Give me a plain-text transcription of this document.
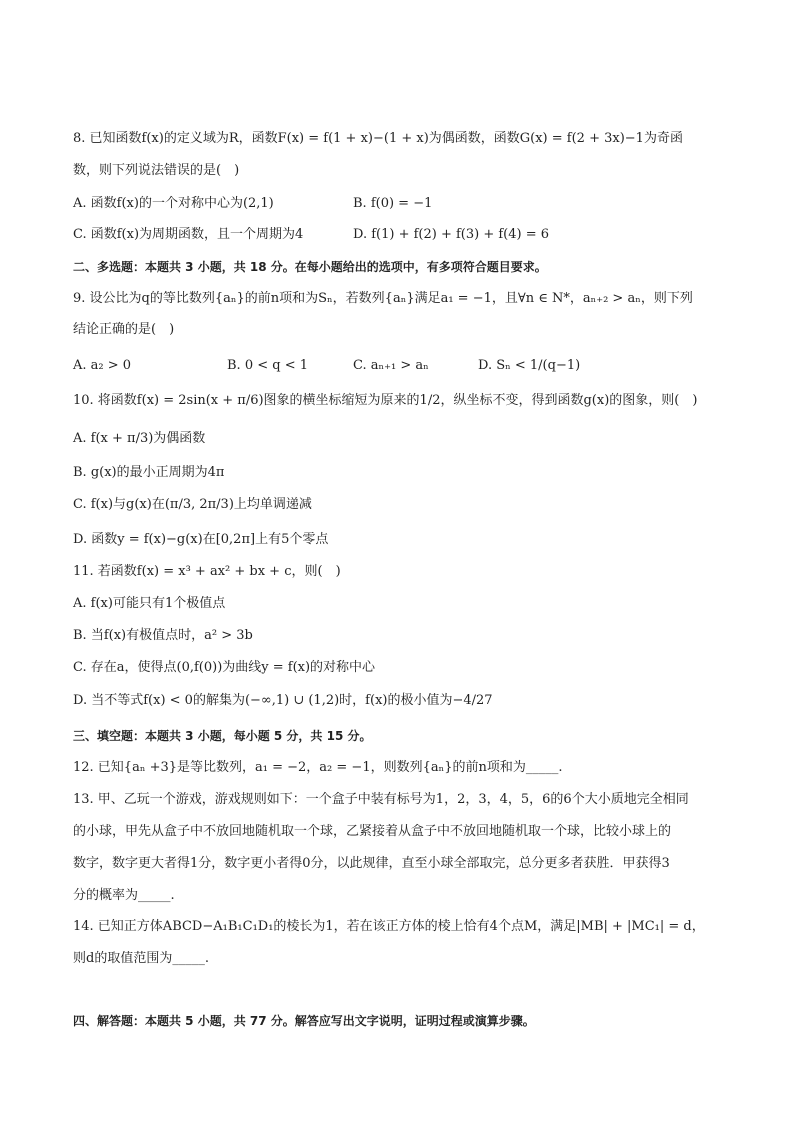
8. 已知函数f(x)的定义域为R，函数F(x) = f(1 + x)−(1 + x)为偶函数，函数G(x) = f(2 + 3x)−1为奇函
数，则下列说法错误的是(　)
A. 函数f(x)的一个对称中心为(2,1)	B. f(0) = −1
C. 函数f(x)为周期函数，且一个周期为4	D. f(1) + f(2) + f(3) + f(4) = 6
二、多选题：本题共 3 小题，共 18 分。在每小题给出的选项中，有多项符合题目要求。
9. 设公比为q的等比数列{aₙ}的前n项和为Sₙ，若数列{aₙ}满足a₁ = −1，且∀n ∈ N*，aₙ₊₂ > aₙ，则下列
结论正确的是(　)
A. a₂ > 0	B. 0 < q < 1	C. aₙ₊₁ > aₙ	D. Sₙ < 1/(q−1)
10. 将函数f(x) = 2sin(x + π/6)图象的横坐标缩短为原来的1/2，纵坐标不变，得到函数g(x)的图象，则(　)
A. f(x + π/3)为偶函数
B. g(x)的最小正周期为4π
C. f(x)与g(x)在(π/3, 2π/3)上均单调递减
D. 函数y = f(x)−g(x)在[0,2π]上有5个零点
11. 若函数f(x) = x³ + ax² + bx + c，则(　)
A. f(x)可能只有1个极值点
B. 当f(x)有极值点时，a² > 3b
C. 存在a，使得点(0,f(0))为曲线y = f(x)的对称中心
D. 当不等式f(x) < 0的解集为(−∞,1) ∪ (1,2)时，f(x)的极小值为−4/27
三、填空题：本题共 3 小题，每小题 5 分，共 15 分。
12. 已知{aₙ +3}是等比数列，a₁ = −2，a₂ = −1，则数列{aₙ}的前n项和为_____.
13. 甲、乙玩一个游戏，游戏规则如下：一个盒子中装有标号为1，2，3，4，5，6的6个大小质地完全相同
的小球，甲先从盒子中不放回地随机取一个球，乙紧接着从盒子中不放回地随机取一个球，比较小球上的
数字，数字更大者得1分，数字更小者得0分，以此规律，直至小球全部取完，总分更多者获胜．甲获得3
分的概率为_____.
14. 已知正方体ABCD−A₁B₁C₁D₁的棱长为1，若在该正方体的棱上恰有4个点M，满足|MB| + |MC₁| = d，
则d的取值范围为_____.
四、解答题：本题共 5 小题，共 77 分。解答应写出文字说明，证明过程或演算步骤。
